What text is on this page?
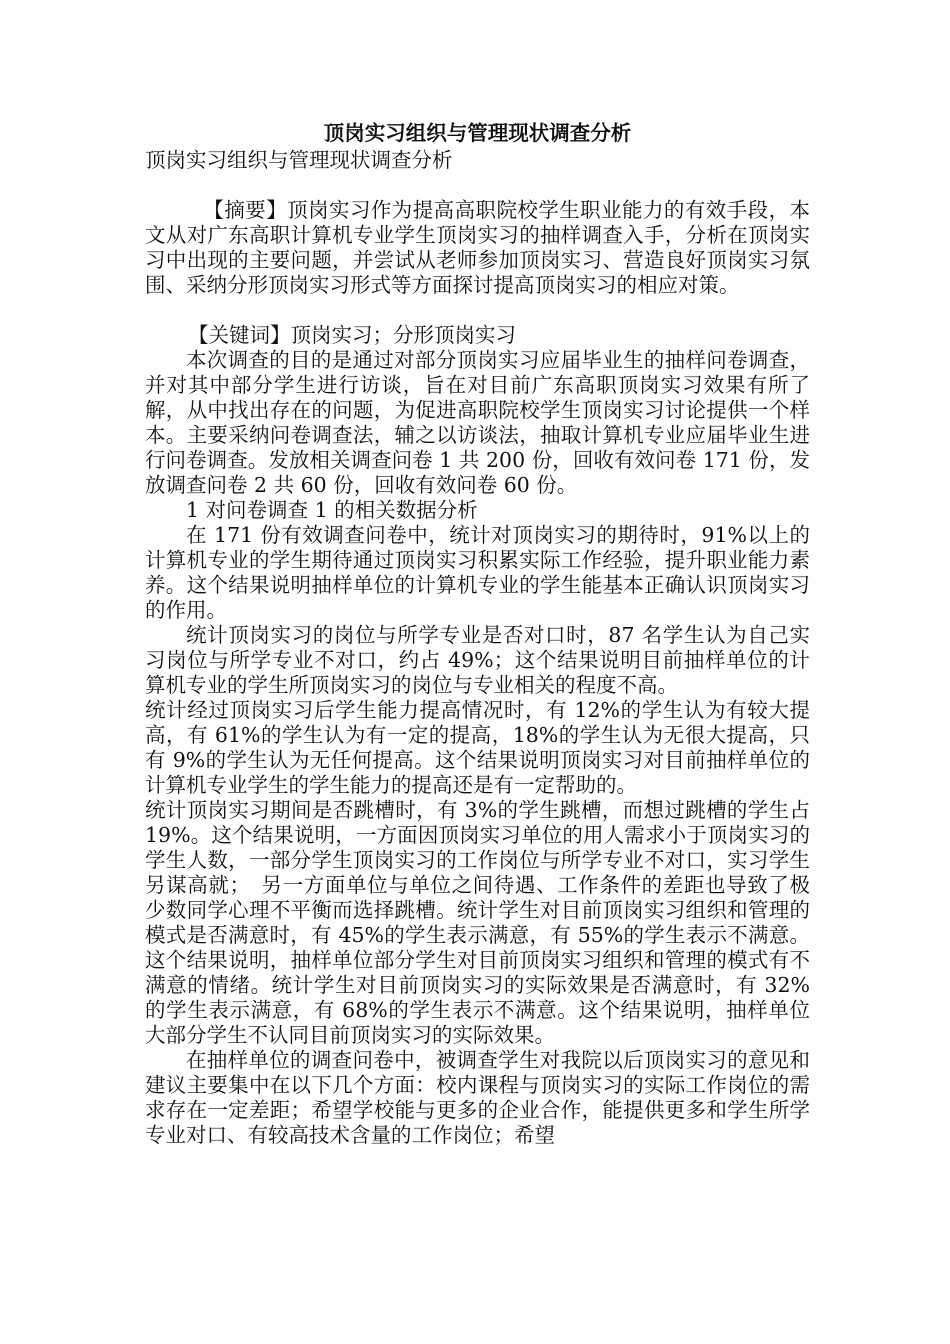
顶岗实习组织与管理现状调查分析
顶岗实习组织与管理现状调查分析

【摘要】顶岗实习作为提高高职院校学生职业能力的有效手段，本文从对广东高职计算机专业学生顶岗实习的抽样调查入手，分析在顶岗实习中出现的主要问题，并尝试从老师参加顶岗实习、营造良好顶岗实习氛围、采纳分形顶岗实习形式等方面探讨提高顶岗实习的相应对策。

【关键词】顶岗实习；分形顶岗实习

本次调查的目的是通过对部分顶岗实习应届毕业生的抽样问卷调查，并对其中部分学生进行访谈，旨在对目前广东高职顶岗实习效果有所了解，从中找出存在的问题，为促进高职院校学生顶岗实习讨论提供一个样本。主要采纳问卷调查法，辅之以访谈法，抽取计算机专业应届毕业生进行问卷调查。发放相关调查问卷 1 共 200 份，回收有效问卷 171 份，发放调查问卷 2 共 60 份，回收有效问卷 60 份。

1 对问卷调查 1 的相关数据分析

在 171 份有效调查问卷中，统计对顶岗实习的期待时，91%以上的计算机专业的学生期待通过顶岗实习积累实际工作经验，提升职业能力素养。这个结果说明抽样单位的计算机专业的学生能基本正确认识顶岗实习的作用。

统计顶岗实习的岗位与所学专业是否对口时，87 名学生认为自己实习岗位与所学专业不对口，约占 49%；这个结果说明目前抽样单位的计算机专业的学生所顶岗实习的岗位与专业相关的程度不高。

统计经过顶岗实习后学生能力提高情况时，有 12%的学生认为有较大提高，有 61%的学生认为有一定的提高，18%的学生认为无很大提高，只有 9%的学生认为无任何提高。这个结果说明顶岗实习对目前抽样单位的计算机专业学生的学生能力的提高还是有一定帮助的。

统计顶岗实习期间是否跳槽时，有 3%的学生跳槽，而想过跳槽的学生占 19%。这个结果说明，一方面因顶岗实习单位的用人需求小于顶岗实习的学生人数，一部分学生顶岗实习的工作岗位与所学专业不对口，实习学生另谋高就；　另一方面单位与单位之间待遇、工作条件的差距也导致了极少数同学心理不平衡而选择跳槽。统计学生对目前顶岗实习组织和管理的模式是否满意时，有 45%的学生表示满意，有 55%的学生表示不满意。这个结果说明，抽样单位部分学生对目前顶岗实习组织和管理的模式有不满意的情绪。统计学生对目前顶岗实习的实际效果是否满意时，有 32%的学生表示满意，有 68%的学生表示不满意。这个结果说明，抽样单位大部分学生不认同目前顶岗实习的实际效果。

在抽样单位的调查问卷中，被调查学生对我院以后顶岗实习的意见和建议主要集中在以下几个方面：校内课程与顶岗实习的实际工作岗位的需求存在一定差距；希望学校能与更多的企业合作，能提供更多和学生所学专业对口、有较高技术含量的工作岗位；希望
